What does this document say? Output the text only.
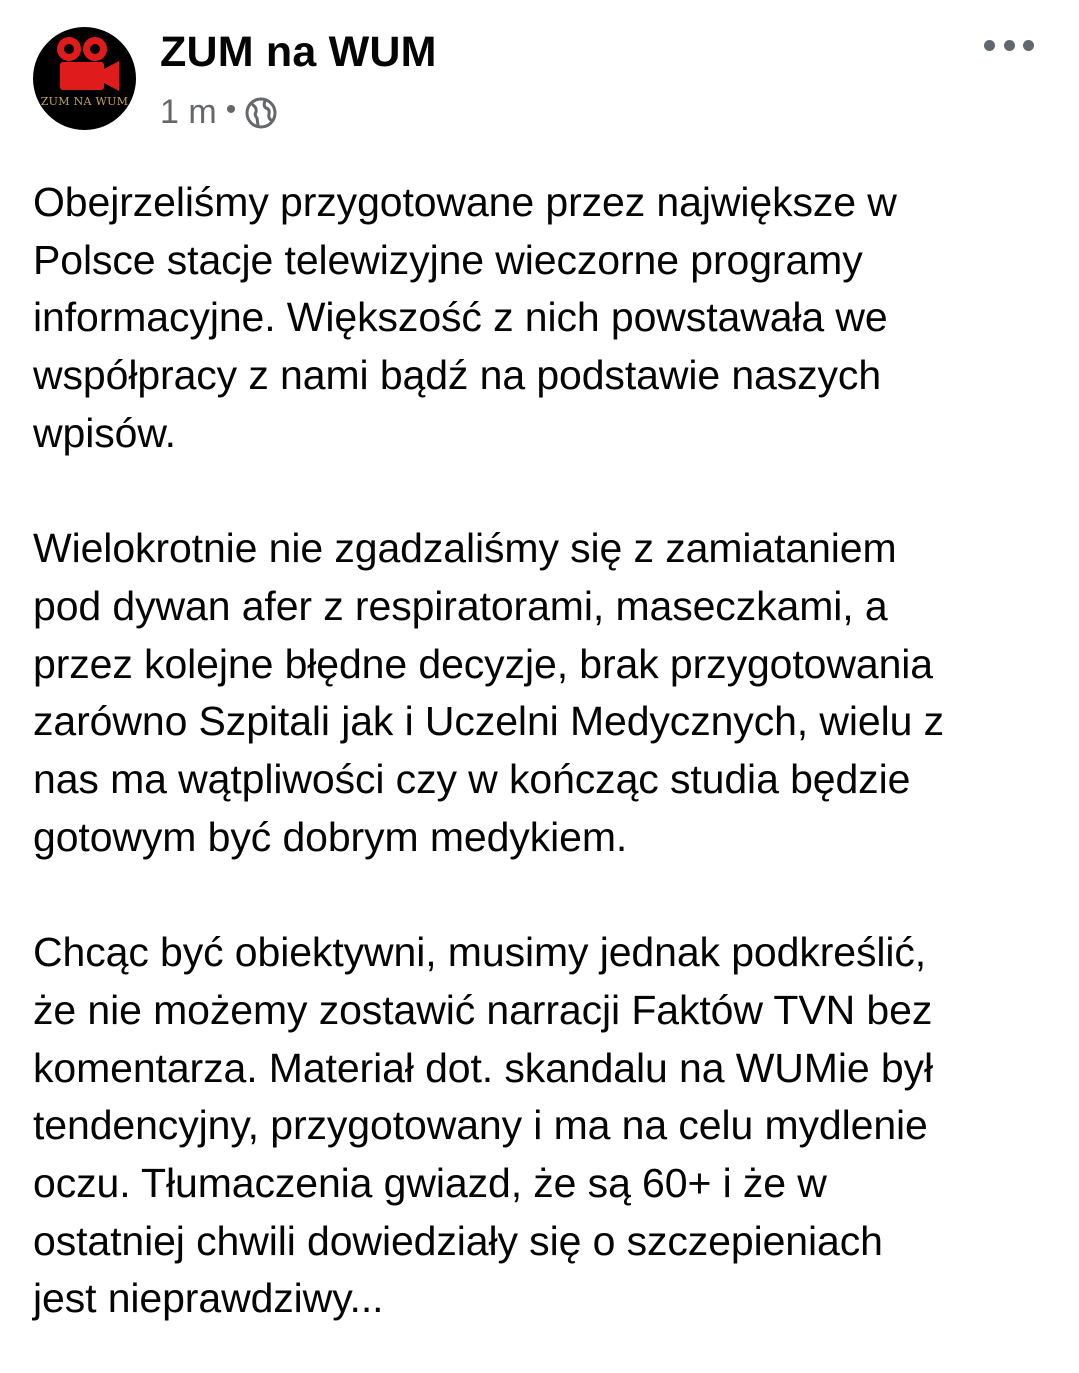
ZUM NA WUM
ZUM na WUM
1 m •

Obejrzeliśmy przygotowane przez największe w

Polsce stacje telewizyjne wieczorne programy

informacyjne. Większość z nich powstawała we

współpracy z nami bądź na podstawie naszych

wpisów.

Wielokrotnie nie zgadzaliśmy się z zamiataniem

pod dywan afer z respiratorami, maseczkami, a

przez kolejne błędne decyzje, brak przygotowania

zarówno Szpitali jak i Uczelni Medycznych, wielu z

nas ma wątpliwości czy w kończąc studia będzie

gotowym być dobrym medykiem.

Chcąc być obiektywni, musimy jednak podkreślić,

że nie możemy zostawić narracji Faktów TVN bez

komentarza. Materiał dot. skandalu na WUMie był

tendencyjny, przygotowany i ma na celu mydlenie

oczu. Tłumaczenia gwiazd, że są 60+ i że w

ostatniej chwili dowiedziały się o szczepieniach

jest nieprawdziwy...
